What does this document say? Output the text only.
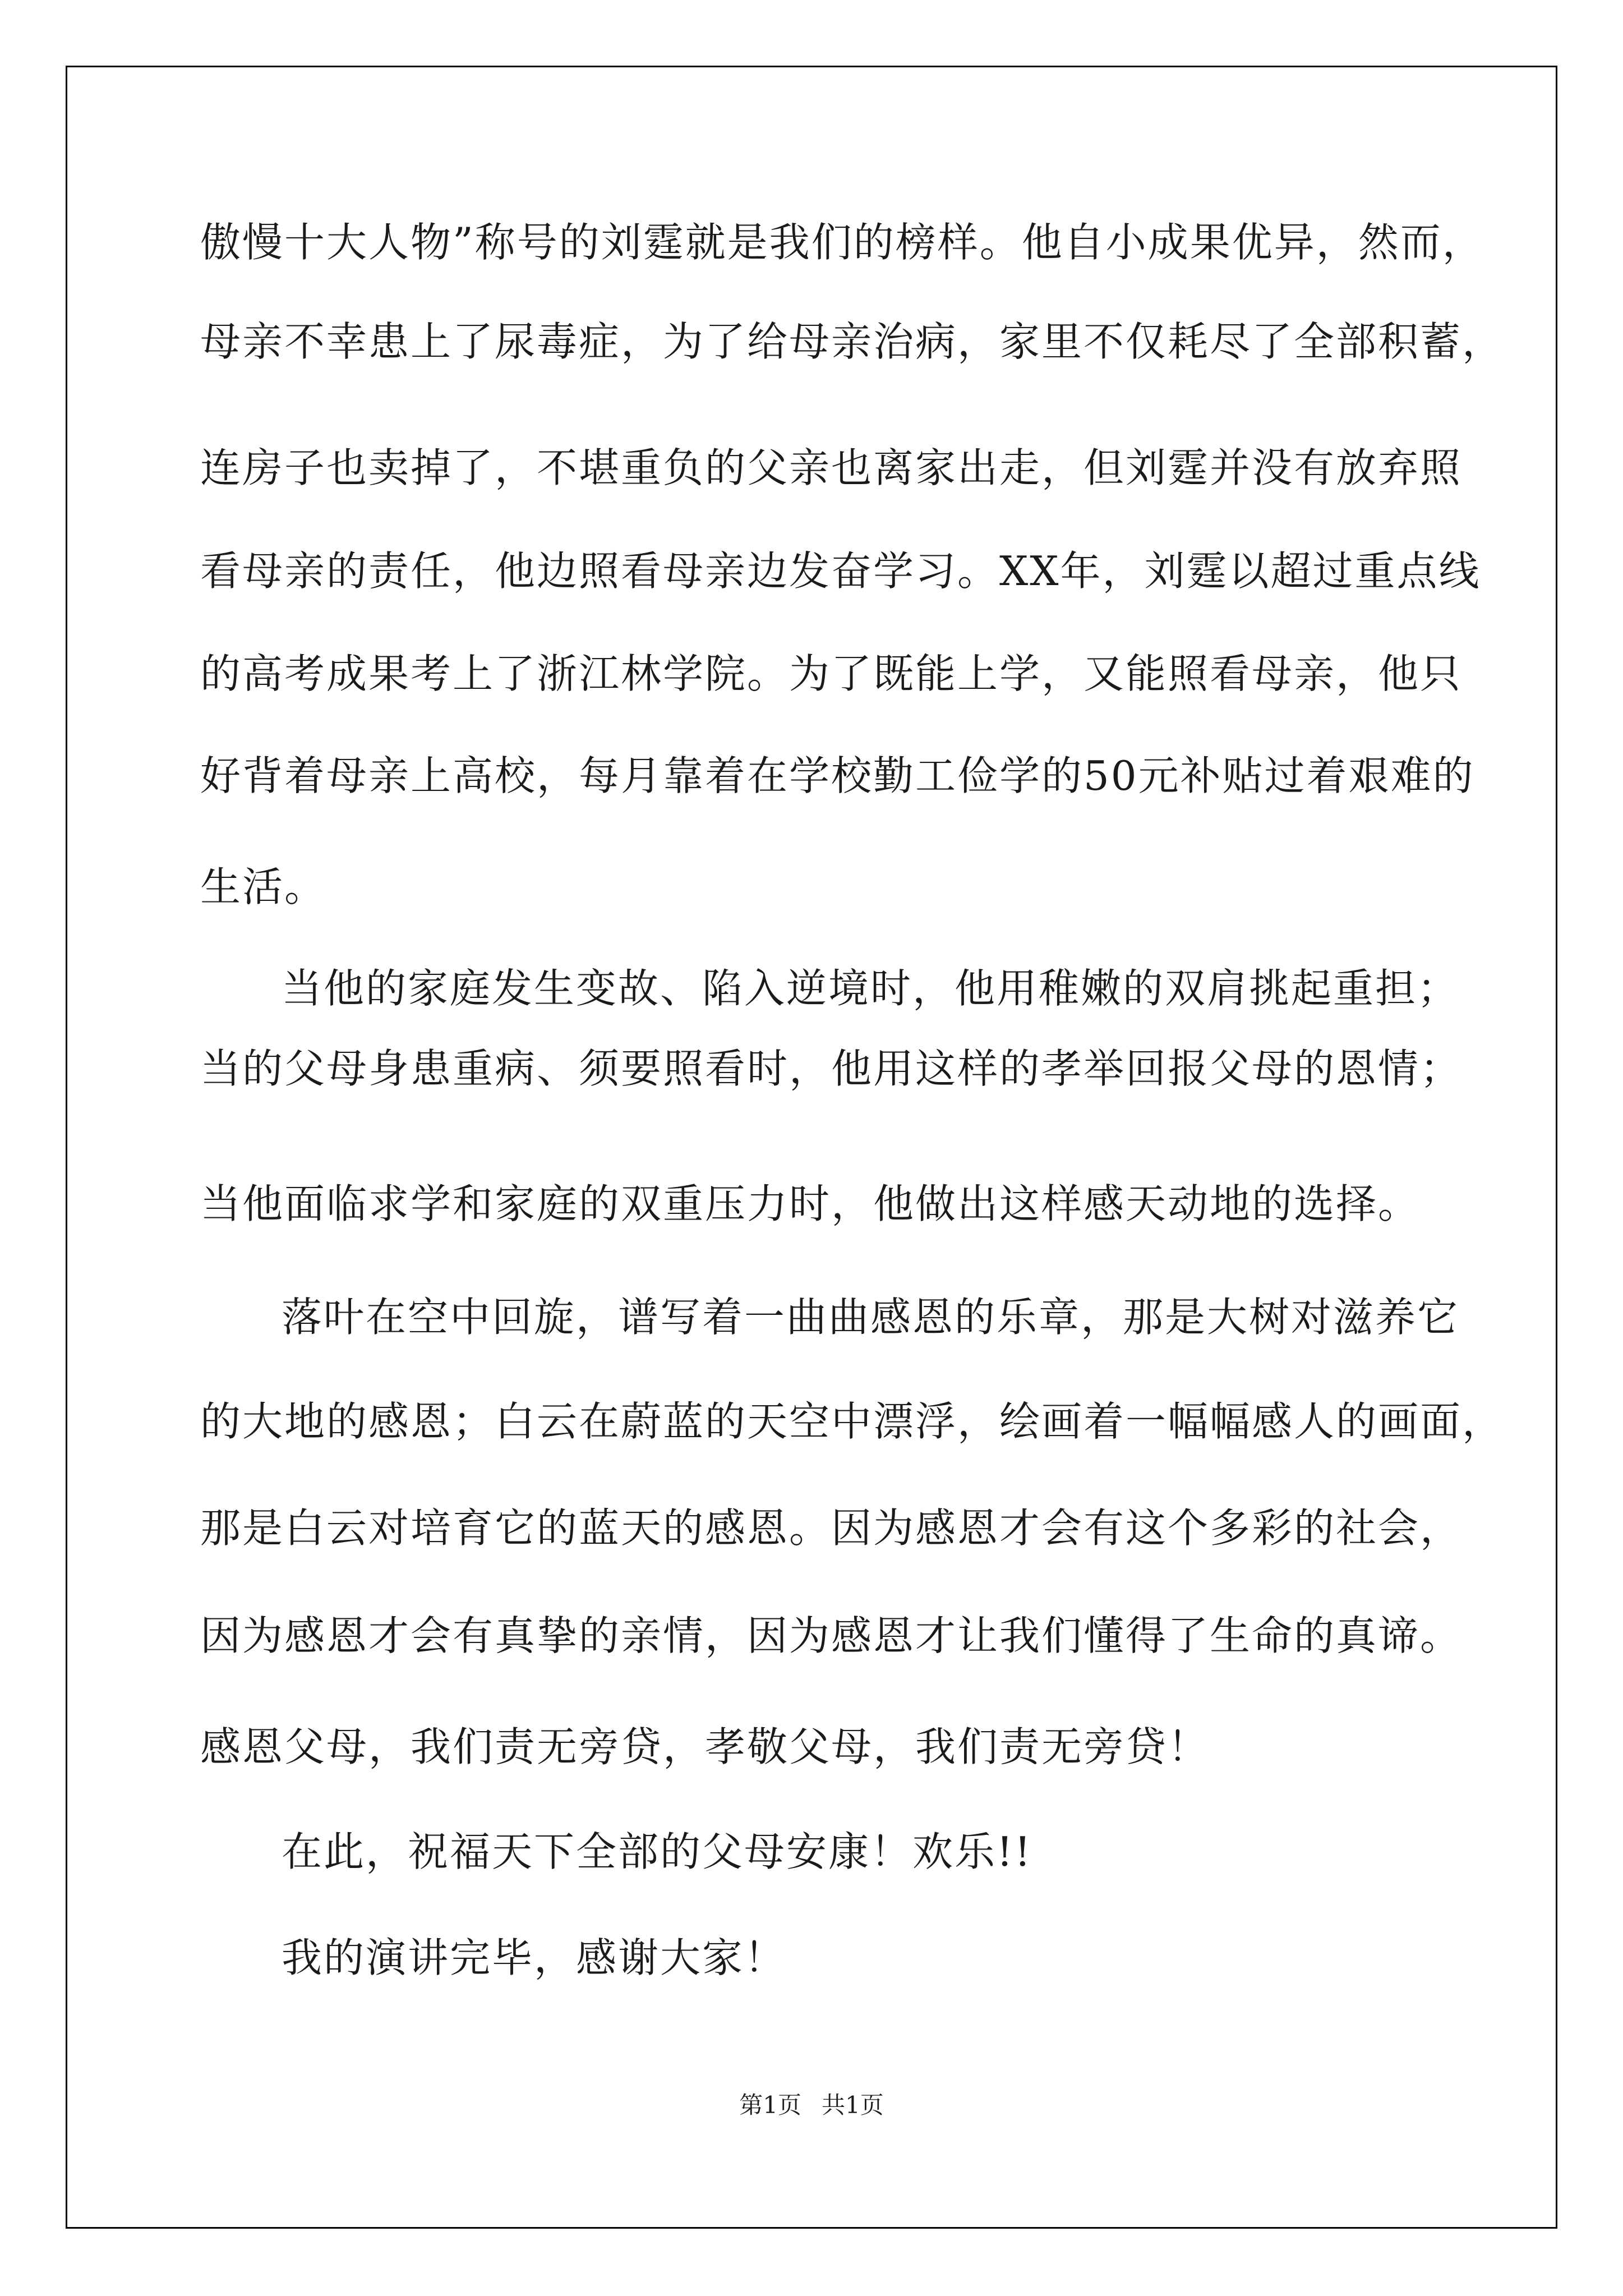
傲慢十大人物”称号的刘霆就是我们的榜样。他自小成果优异，然而，
母亲不幸患上了尿毒症，为了给母亲治病，家里不仅耗尽了全部积蓄，
连房子也卖掉了，不堪重负的父亲也离家出走，但刘霆并没有放弃照
看母亲的责任，他边照看母亲边发奋学习。XX年，刘霆以超过重点线
的高考成果考上了浙江林学院。为了既能上学，又能照看母亲，他只
好背着母亲上高校，每月靠着在学校勤工俭学的50元补贴过着艰难的
生活。
当他的家庭发生变故、陷入逆境时，他用稚嫩的双肩挑起重担；
当的父母身患重病、须要照看时，他用这样的孝举回报父母的恩情；
当他面临求学和家庭的双重压力时，他做出这样感天动地的选择。
落叶在空中回旋，谱写着一曲曲感恩的乐章，那是大树对滋养它
的大地的感恩；白云在蔚蓝的天空中漂浮，绘画着一幅幅感人的画面，
那是白云对培育它的蓝天的感恩。因为感恩才会有这个多彩的社会，
因为感恩才会有真挚的亲情，因为感恩才让我们懂得了生命的真谛。
感恩父母，我们责无旁贷，孝敬父母，我们责无旁贷！
在此，祝福天下全部的父母安康！欢乐!!
我的演讲完毕，感谢大家！
第1页 共1页
